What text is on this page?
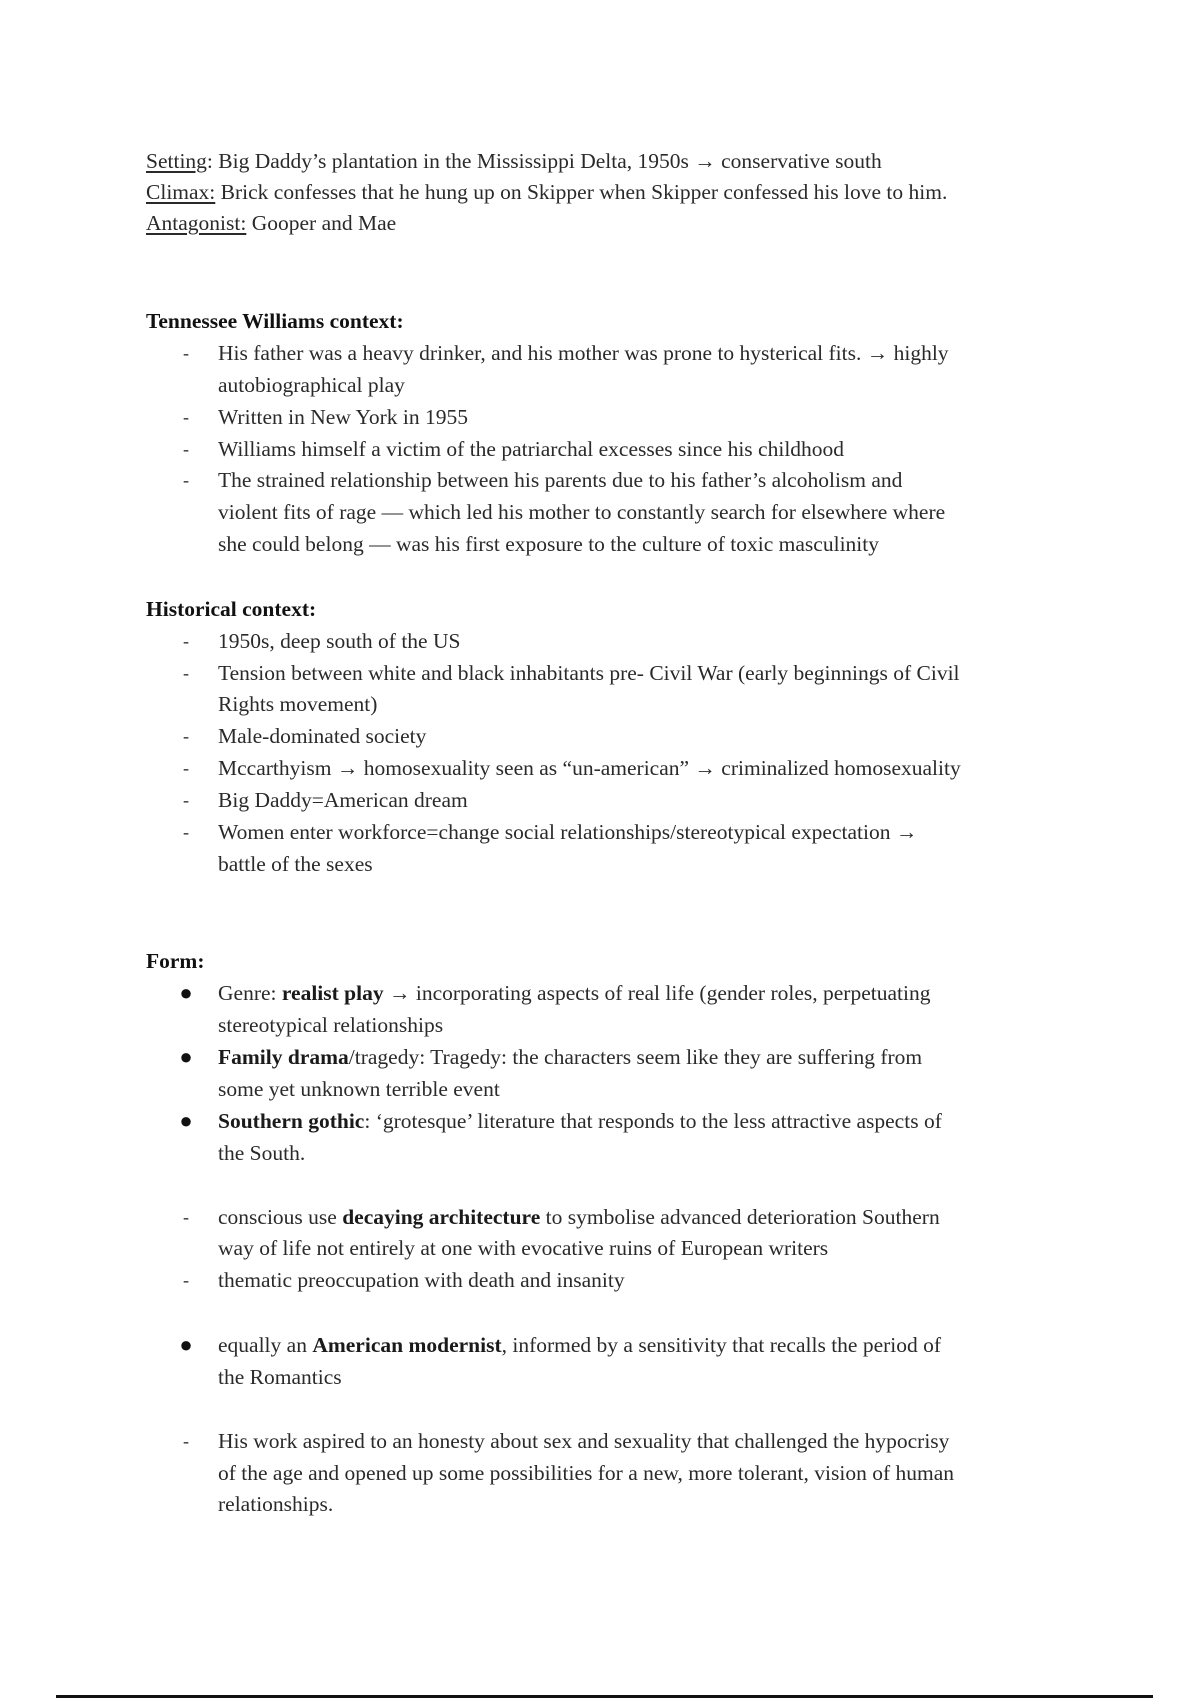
Setting: Big Daddy’s plantation in the Mississippi Delta, 1950s → conservative south
Climax: Brick confesses that he hung up on Skipper when Skipper confessed his love to him.
Antagonist: Gooper and Mae
Tennessee Williams context:
-	His father was a heavy drinker, and his mother was prone to hysterical fits. → highly
autobiographical play
-	Written in New York in 1955
-	Williams himself a victim of the patriarchal excesses since his childhood
-	The strained relationship between his parents due to his father’s alcoholism and
violent fits of rage — which led his mother to constantly search for elsewhere where
she could belong — was his first exposure to the culture of toxic masculinity
Historical context:
-	1950s, deep south of the US
-	Tension between white and black inhabitants pre- Civil War (early beginnings of Civil
Rights movement)
-	Male-dominated society
-	Mccarthyism → homosexuality seen as “un-american” → criminalized homosexuality
-	Big Daddy=American dream
-	Women enter workforce=change social relationships/stereotypical expectation →
battle of the sexes
Form:
● Genre: realist play → incorporating aspects of real life (gender roles, perpetuating
stereotypical relationships
● Family drama/tragedy: Tragedy: the characters seem like they are suffering from
some yet unknown terrible event
● Southern gothic: ‘grotesque’ literature that responds to the less attractive aspects of
the South.
-	conscious use decaying architecture to symbolise advanced deterioration Southern
way of life not entirely at one with evocative ruins of European writers
-	thematic preoccupation with death and insanity
● equally an American modernist, informed by a sensitivity that recalls the period of
the Romantics
-	His work aspired to an honesty about sex and sexuality that challenged the hypocrisy
of the age and opened up some possibilities for a new, more tolerant, vision of human
relationships.
